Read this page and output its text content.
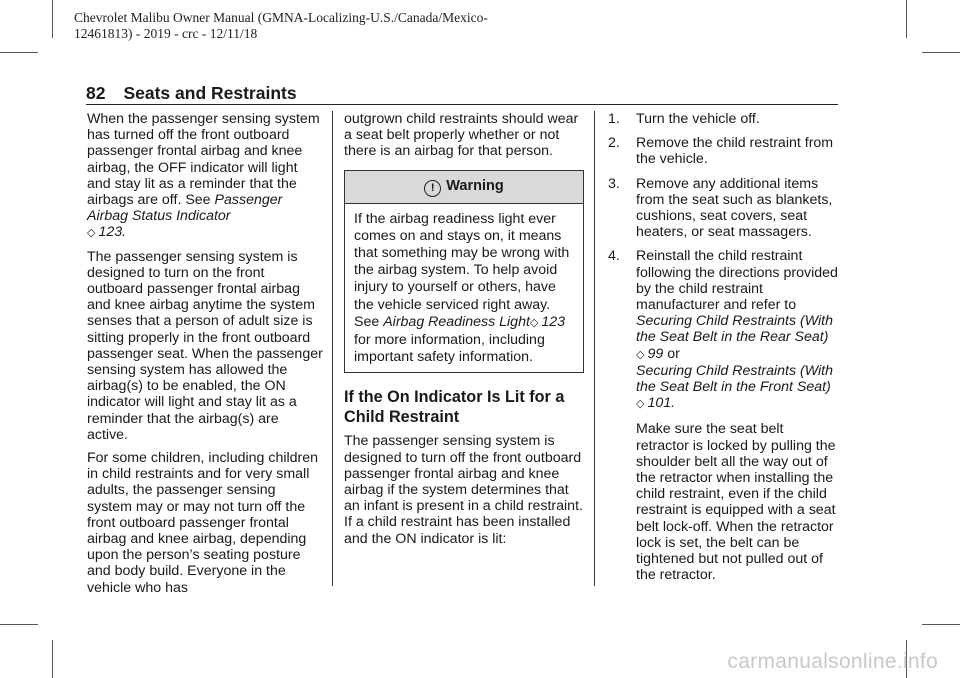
Chevrolet Malibu Owner Manual (GMNA-Localizing-U.S./Canada/Mexico-
12461813) - 2019 - crc - 12/11/18
82 Seats and Restraints

When the passenger sensing system has turned off the front outboard passenger frontal airbag and knee airbag, the OFF indicator will light and stay lit as a reminder that the airbags are off. See Passenger Airbag Status Indicator
◇ 123.

The passenger sensing system is designed to turn on the front outboard passenger frontal airbag and knee airbag anytime the system senses that a person of adult size is sitting properly in the front outboard passenger seat. When the passenger sensing system has allowed the airbag(s) to be enabled, the ON indicator will light and stay lit as a reminder that the airbag(s) are active.

For some children, including children in child restraints and for very small adults, the passenger sensing system may or may not turn off the front outboard passenger frontal airbag and knee airbag, depending upon the person’s seating posture and body build. Everyone in the vehicle who has

outgrown child restraints should wear a seat belt properly whether or not there is an airbag for that person.

! Warning
If the airbag readiness light ever comes on and stays on, it means that something may be wrong with the airbag system. To help avoid injury to yourself or others, have the vehicle serviced right away. See Airbag Readiness Light◇ 123 for more information, including important safety information.
If the On Indicator Is Lit for a Child Restraint

The passenger sensing system is designed to turn off the front outboard passenger frontal airbag and knee airbag if the system determines that an infant is present in a child restraint. If a child restraint has been installed and the ON indicator is lit:

1. Turn the vehicle off.

2. Remove the child restraint from the vehicle.

3. Remove any additional items from the seat such as blankets, cushions, seat covers, seat heaters, or seat massagers.

4. Reinstall the child restraint following the directions provided by the child restraint manufacturer and refer to
Securing Child Restraints (With the Seat Belt in the Rear Seat)
◇ 99 or
Securing Child Restraints (With the Seat Belt in the Front Seat)
◇ 101.

Make sure the seat belt retractor is locked by pulling the shoulder belt all the way out of the retractor when installing the child restraint, even if the child restraint is equipped with a seat belt lock-off. When the retractor lock is set, the belt can be tightened but not pulled out of the retractor.

carmanualsonline.info
